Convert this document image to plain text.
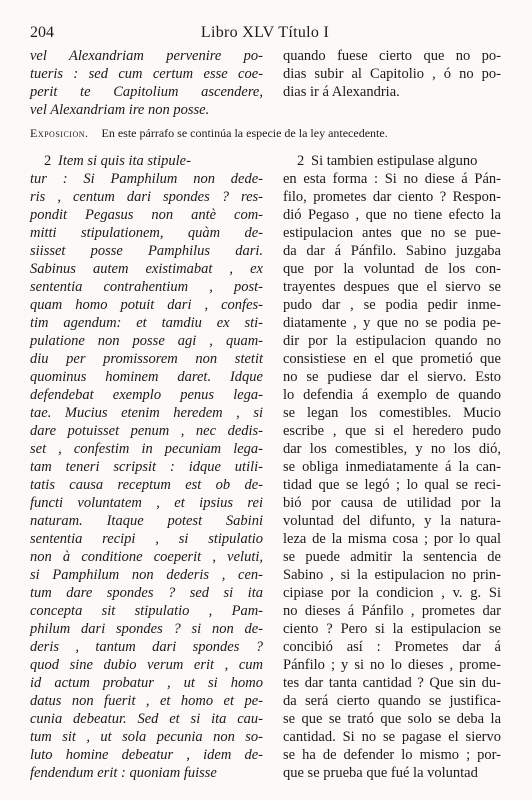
204	Libro XLV Título I
vel Alexandriam pervenire po-
tueris : sed cum certum esse coe-
perit te Capitolium ascendere,
vel Alexandriam ire non posse.
quando fuese cierto que no po-
dias subir al Capitolio , ó no po-
dias ir á Alexandria.
Exposicion. En este párrafo se continúa la especie de la ley antecedente.
2 Item si quis ita stipule-
tur : Si Pamphilum non dede-
ris , centum dari spondes ? res-
pondit Pegasus non antè com-
mitti stipulationem, quàm de-
siisset posse Pamphilus dari.
Sabinus autem existimabat , ex
sententia contrahentium , post-
quam homo potuit dari , confes-
tim agendum: et tamdiu ex sti-
pulatione non posse agi , quam-
diu per promissorem non stetit
quominus hominem daret. Idque
defendebat exemplo penus lega-
tae. Mucius etenim heredem , si
dare potuisset penum , nec dedis-
set , confestim in pecuniam lega-
tam teneri scripsit : idque utili-
tatis causa receptum est ob de-
functi voluntatem , et ipsius rei
naturam. Itaque potest Sabini
sententia recipi , si stipulatio
non à conditione coeperit , veluti,
si Pamphilum non dederis , cen-
tum dare spondes ? sed si ita
concepta sit stipulatio , Pam-
philum dari spondes ? si non de-
deris , tantum dari spondes ?
quod sine dubio verum erit , cum
id actum probatur , ut si homo
datus non fuerit , et homo et pe-
cunia debeatur. Sed et si ita cau-
tum sit , ut sola pecunia non so-
luto homine debeatur , idem de-
fendendum erit : quoniam fuisse
2 Si tambien estipulase alguno
en esta forma : Si no diese á Pán-
filo, prometes dar ciento ? Respon-
dió Pegaso , que no tiene efecto la
estipulacion antes que no se pue-
da dar á Pánfilo. Sabino juzgaba
que por la voluntad de los con-
trayentes despues que el siervo se
pudo dar , se podia pedir inme-
diatamente , y que no se podia pe-
dir por la estipulacion quando no
consistiese en el que prometió que
no se pudiese dar el siervo. Esto
lo defendia á exemplo de quando
se legan los comestibles. Mucio
escribe , que si el heredero pudo
dar los comestibles, y no los dió,
se obliga inmediatamente á la can-
tidad que se legó ; lo qual se reci-
bió por causa de utilidad por la
voluntad del difunto, y la natura-
leza de la misma cosa ; por lo qual
se puede admitir la sentencia de
Sabino , si la estipulacion no prin-
cipiase por la condicion , v. g. Si
no dieses á Pánfilo , prometes dar
ciento ? Pero si la estipulacion se
concibió así : Prometes dar á
Pánfilo ; y si no lo dieses , prome-
tes dar tanta cantidad ? Que sin du-
da será cierto quando se justifica-
se que se trató que solo se deba la
cantidad. Si no se pagase el siervo
se ha de defender lo mismo ; por-
que se prueba que fué la voluntad
